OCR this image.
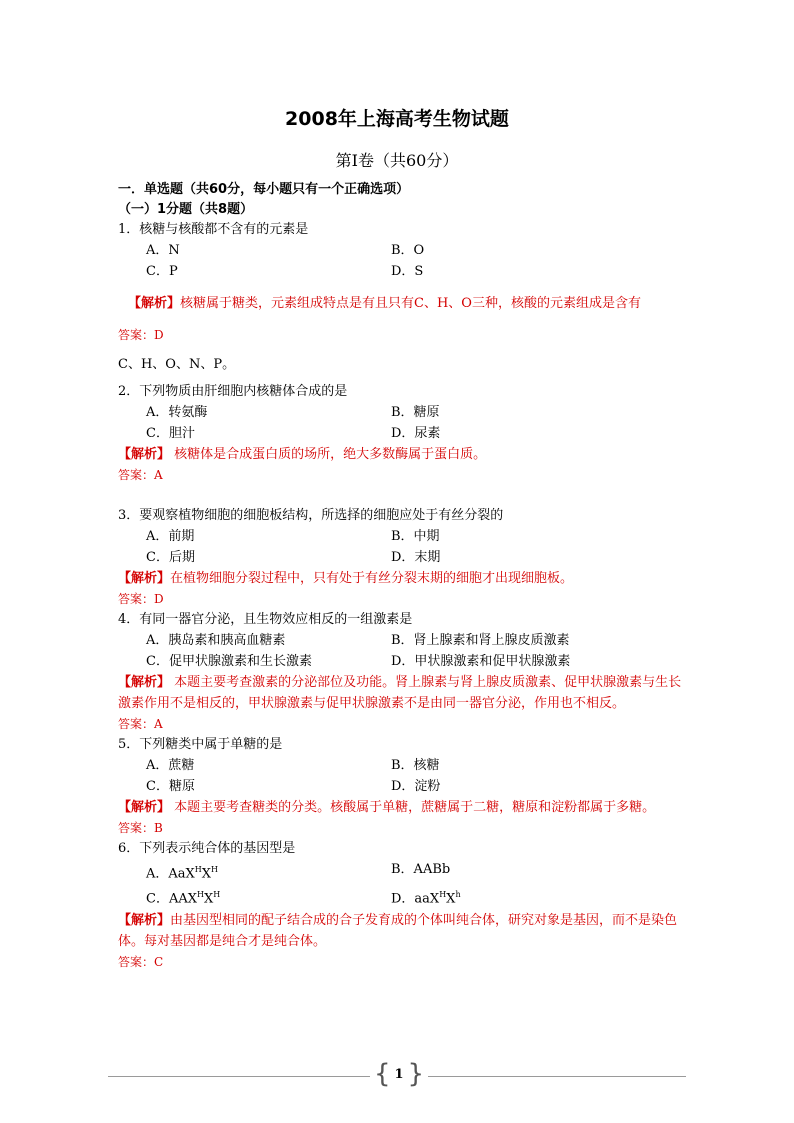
2008年上海高考生物试题
第Ⅰ卷（共60分）
一．单选题（共60分，每小题只有一个正确选项）
（一）1分题（共8题）
1．核糖与核酸都不含有的元素是
A．N	B．O
C．P	D．S
【解析】核糖属于糖类，元素组成特点是有且只有C、H、O三种，核酸的元素组成是含有
答案：D
C、H、O、N、P。
2．下列物质由肝细胞内核糖体合成的是
A．转氨酶	B．糖原
C．胆汁	D．尿素
【解析】 核糖体是合成蛋白质的场所，绝大多数酶属于蛋白质。
答案：A
3．要观察植物细胞的细胞板结构，所选择的细胞应处于有丝分裂的
A．前期	B．中期
C．后期	D．末期
【解析】在植物细胞分裂过程中，只有处于有丝分裂末期的细胞才出现细胞板。
答案：D
4．有同一器官分泌，且生物效应相反的一组激素是
A．胰岛素和胰高血糖素	B．肾上腺素和肾上腺皮质激素
C．促甲状腺激素和生长激素	D．甲状腺激素和促甲状腺激素
【解析】 本题主要考查激素的分泌部位及功能。肾上腺素与肾上腺皮质激素、促甲状腺激素与生长激素作用不是相反的，甲状腺激素与促甲状腺激素不是由同一器官分泌，作用也不相反。
答案：A
5．下列糖类中属于单糖的是
A．蔗糖	B．核糖
C．糖原	D．淀粉
【解析】 本题主要考查糖类的分类。核酸属于单糖，蔗糖属于二糖，糖原和淀粉都属于多糖。
答案：B
6．下列表示纯合体的基因型是
A．$AaX^HX^H$	B．AABb
C．$AAX^HX^H$	D．$aaX^HX^h$
【解析】由基因型相同的配子结合成的合子发育成的个体叫纯合体，研究对象是基因，而不是染色体。每对基因都是纯合才是纯合体。
答案：C
{ 1 }
